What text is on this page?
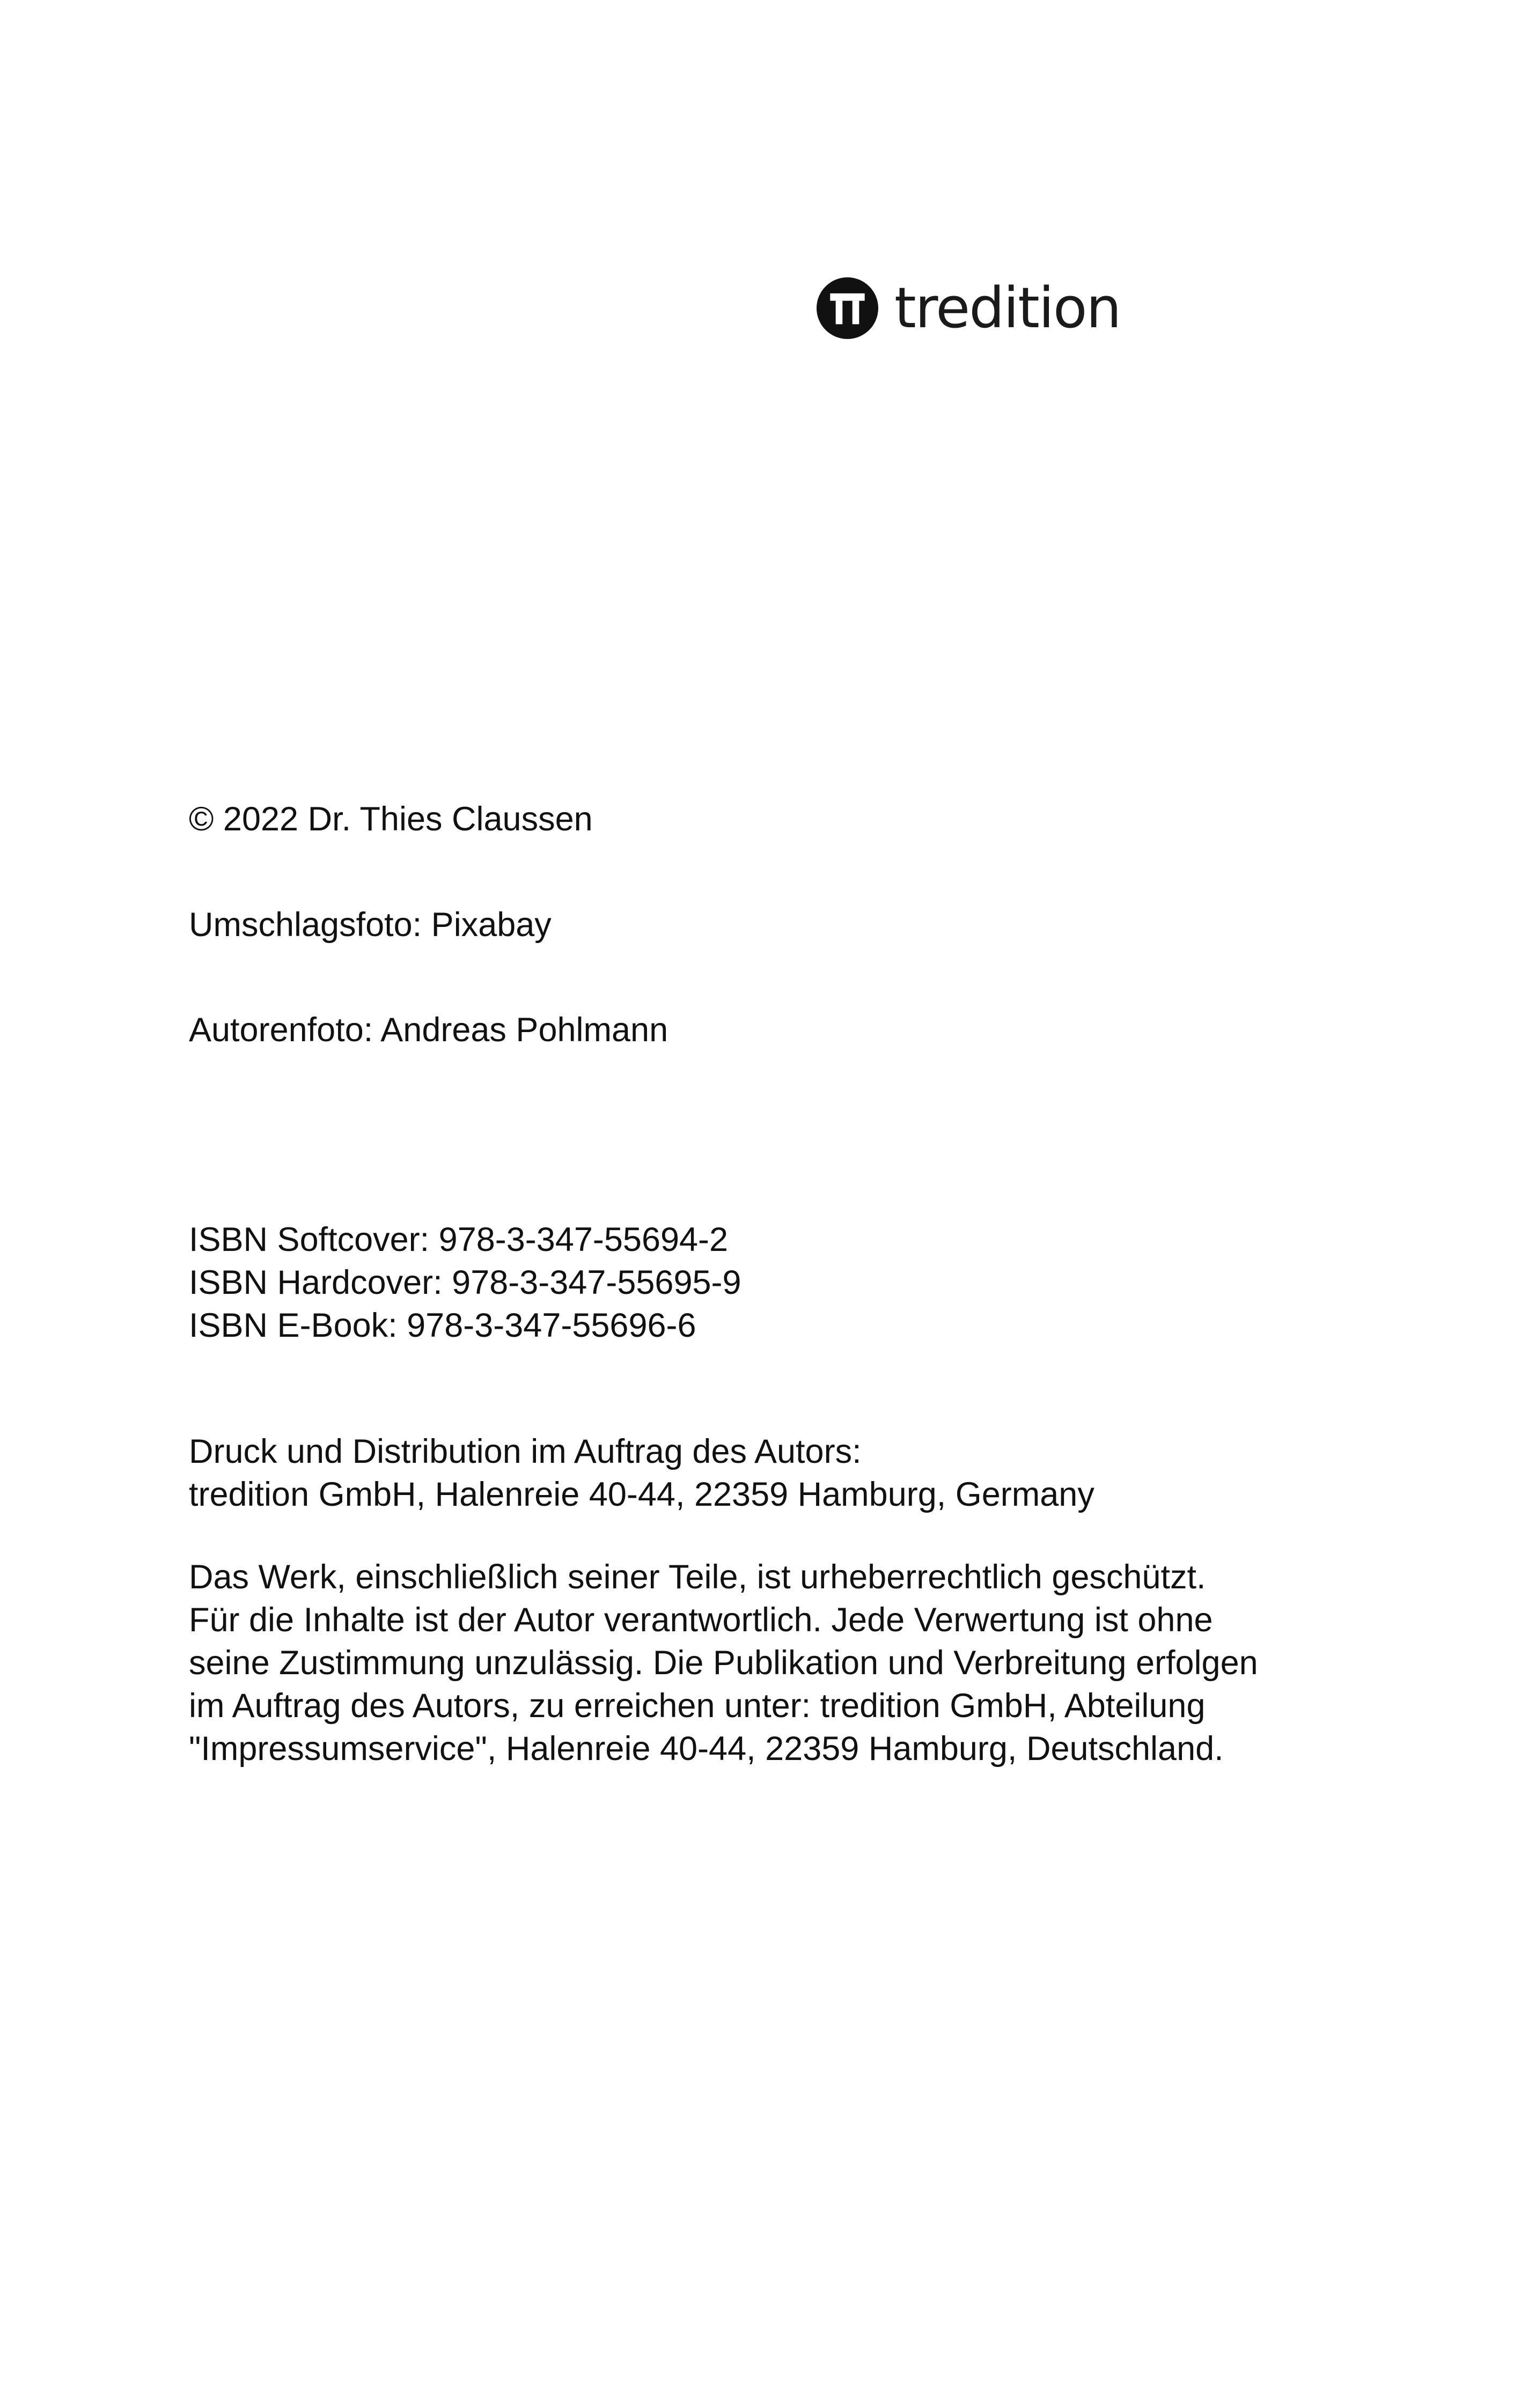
tredition

© 2022 Dr. Thies Claussen

Umschlagsfoto: Pixabay

Autorenfoto: Andreas Pohlmann

ISBN Softcover: 978-3-347-55694-2
ISBN Hardcover: 978-3-347-55695-9
ISBN E-Book: 978-3-347-55696-6
Druck und Distribution im Auftrag des Autors:
tredition GmbH, Halenreie 40-44, 22359 Hamburg, Germany
Das Werk, einschließlich seiner Teile, ist urheberrechtlich geschützt.
Für die Inhalte ist der Autor verantwortlich. Jede Verwertung ist ohne
seine Zustimmung unzulässig. Die Publikation und Verbreitung erfolgen
im Auftrag des Autors, zu erreichen unter: tredition GmbH, Abteilung
"Impressumservice", Halenreie 40-44, 22359 Hamburg, Deutschland.
